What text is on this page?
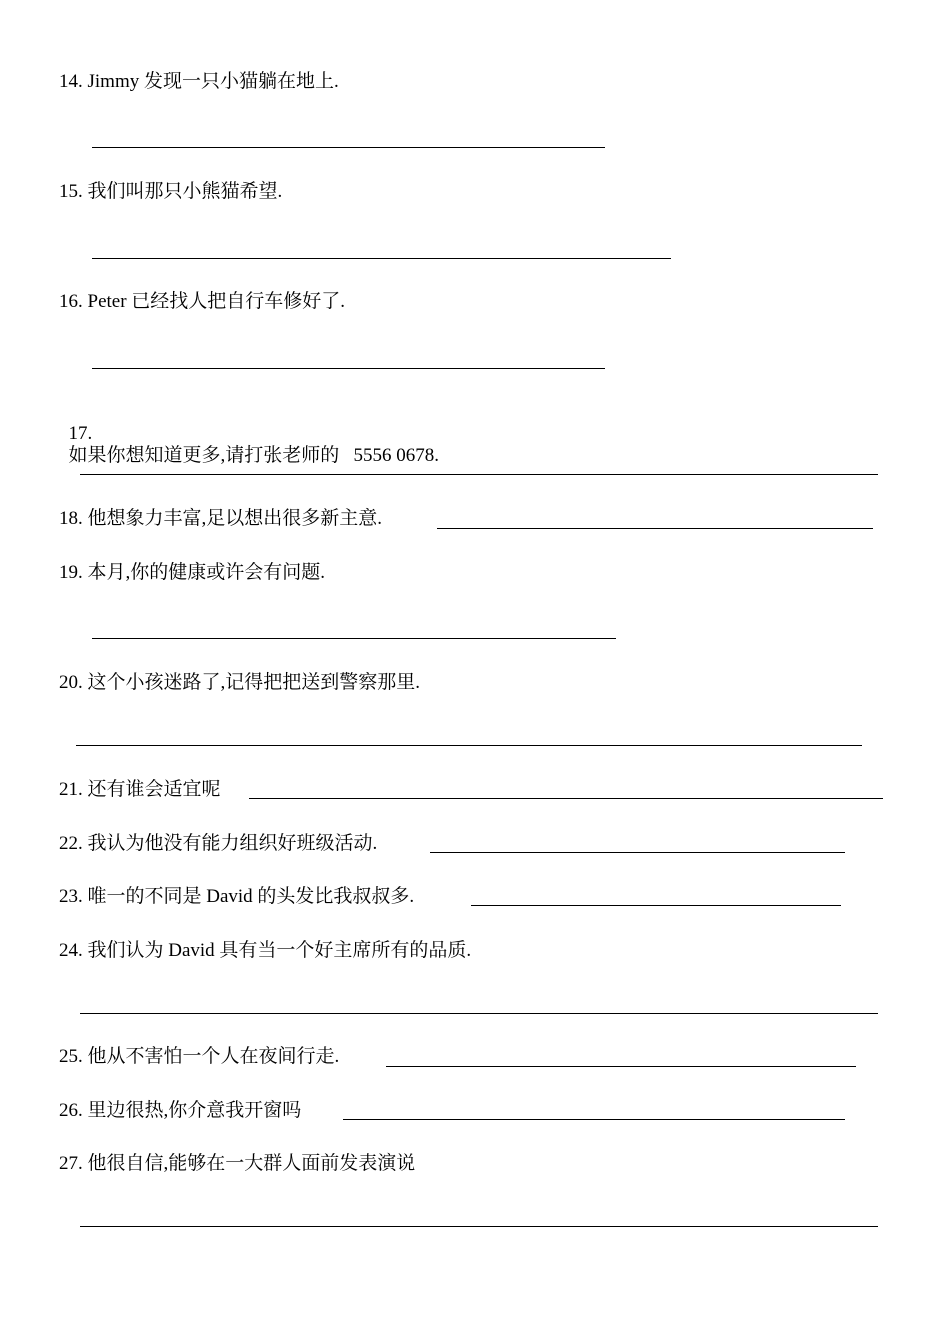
14. Jimmy 发现一只小猫躺在地上.
15. 我们叫那只小熊猫希望.
16. Peter 已经找人把自行车修好了.

17.
如果你想知道更多,请打张老师的   5556 0678.

18. 他想象力丰富,足以想出很多新主意.
19. 本月,你的健康或许会有问题.
20. 这个小孩迷路了,记得把把送到警察那里.
21. 还有谁会适宜呢
22. 我认为他没有能力组织好班级活动.
23. 唯一的不同是 David 的头发比我叔叔多.
24. 我们认为 David 具有当一个好主席所有的品质.
25. 他从不害怕一个人在夜间行走.
26. 里边很热,你介意我开窗吗
27. 他很自信,能够在一大群人面前发表演说
